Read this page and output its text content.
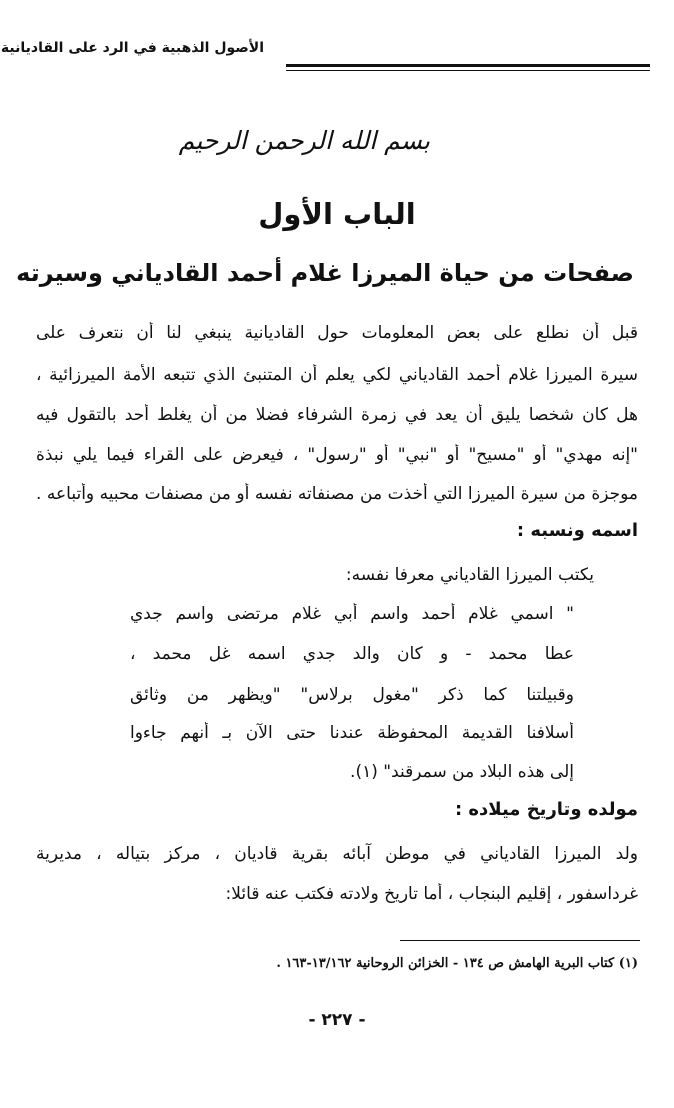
الأصول الذهبية في الرد على القاديانية
بسم الله الرحمن الرحيم
الباب الأول
صفحات من حياة الميرزا غلام أحمد القادياني وسيرته
قبل أن نطلع على بعض المعلومات حول القاديانية ينبغي لنا أن نتعرف على
سيرة الميرزا غلام أحمد القادياني لكي يعلم أن المتنبئ الذي تتبعه الأمة الميرزائية ،
هل كان شخصا يليق أن يعد في زمرة الشرفاء فضلا من أن يغلط أحد بالتقول فيه
"إنه مهدي" أو "مسيح" أو "نبي" أو "رسول" ، فيعرض على القراء فيما يلي نبذة
موجزة من سيرة الميرزا التي أخذت من مصنفاته نفسه أو من مصنفات محبيه وأتباعه .
اسمه ونسبه :
يكتب الميرزا القادياني معرفا نفسه:
" اسمي غلام أحمد واسم أبي غلام مرتضى واسم جدي
عطا محمد - و كان والد جدي اسمه غل محمد ،
وقبيلتنا كما ذكر "مغول برلاس" "ويظهر من وثائق
أسلافنا القديمة المحفوظة عندنا حتى الآن بـ أنهم جاءوا
إلى هذه البلاد من سمرقند" (١).
مولده وتاريخ ميلاده :
ولد الميرزا القادياني في موطن آبائه بقرية قاديان ، مركز بتياله ، مديرية
غرداسفور ، إقليم البنجاب ، أما تاريخ ولادته فكتب عنه قائلا:
(١) كتاب البرية الهامش ص ١٣٤ - الخزائن الروحانية ١٣/١٦٢-١٦٣ .
- ٢٢٧ -
